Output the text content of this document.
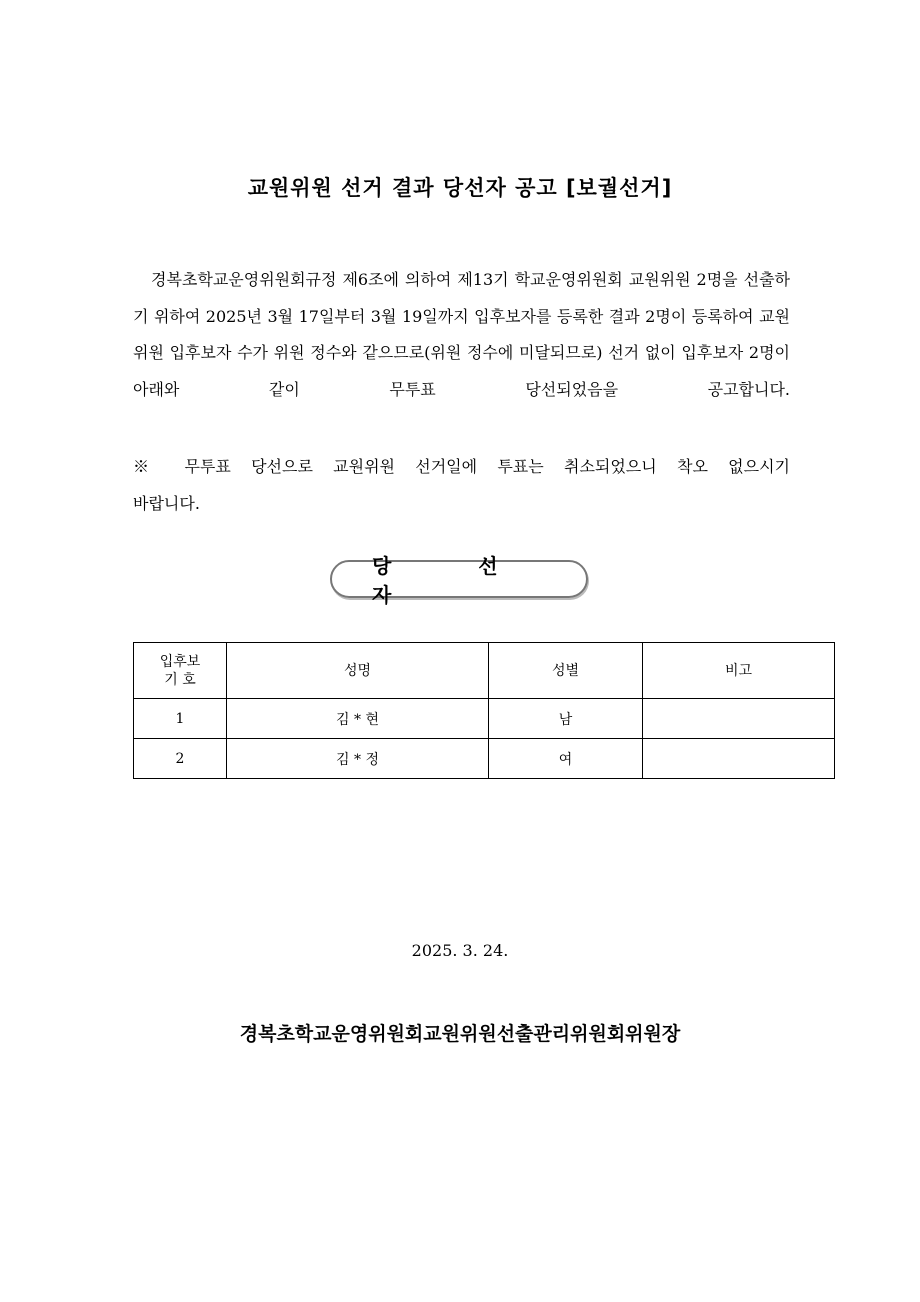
교원위원 선거 결과 당선자 공고 [보궐선거]

경복초학교운영위원회규정 제6조에 의하여 제13기 학교운영위원회 교원위원 2명을 선출하기 위하여 2025년 3월 17일부터 3월 19일까지 입후보자를 등록한 결과 2명이 등록하여 교원위원 입후보자 수가 위원 정수와 같으므로(위원 정수에 미달되므로) 선거 없이 입후보자 2명이 아래와 같이 무투표 당선되었음을 공고합니다.

※ 무투표 당선으로 교원위원 선거일에 투표는 취소되었으니 착오 없으시기
바랍니다.
당 선 자
입후보
기 호	성명	성별	비고
1	김 * 현	남	
2	김 * 정	여	
2025. 3. 24.
경복초학교운영위원회교원위원선출관리위원회위원장
